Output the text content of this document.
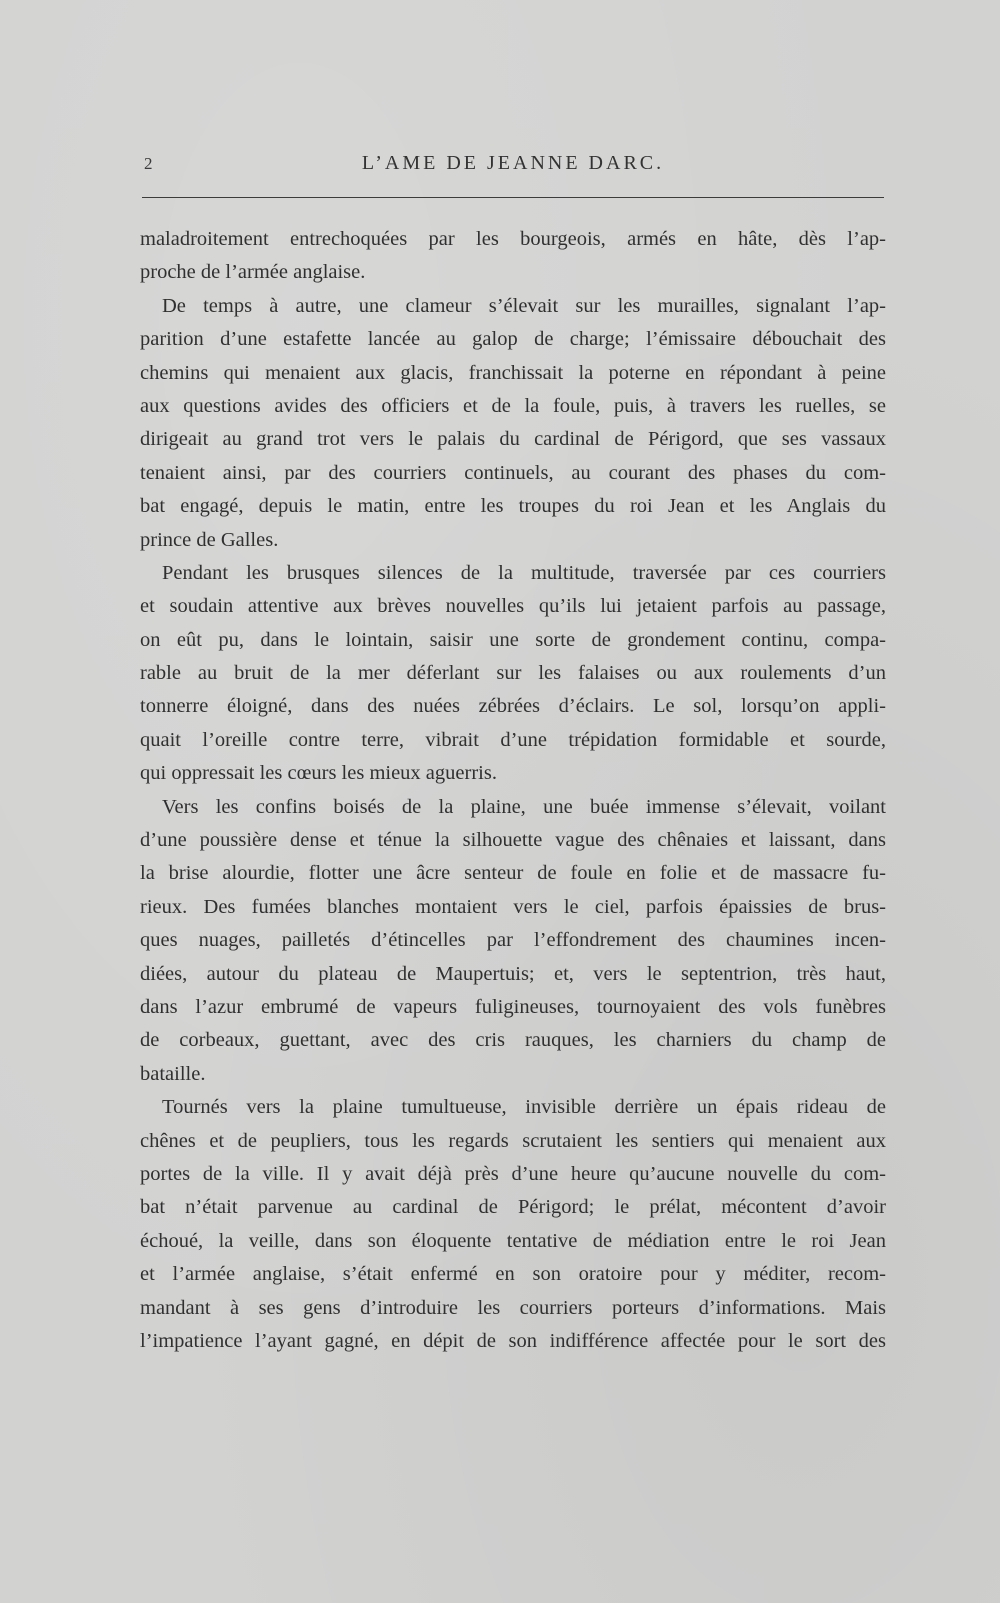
2	L’AME DE JEANNE DARC.
maladroitement entrechoquées par les bourgeois, armés en hâte, dès l’ap-
proche de l’armée anglaise.
De temps à autre, une clameur s’élevait sur les murailles, signalant l’ap-
parition d’une estafette lancée au galop de charge; l’émissaire débouchait des
chemins qui menaient aux glacis, franchissait la poterne en répondant à peine
aux questions avides des officiers et de la foule, puis, à travers les ruelles, se
dirigeait au grand trot vers le palais du cardinal de Périgord, que ses vassaux
tenaient ainsi, par des courriers continuels, au courant des phases du com-
bat engagé, depuis le matin, entre les troupes du roi Jean et les Anglais du
prince de Galles.
Pendant les brusques silences de la multitude, traversée par ces courriers
et soudain attentive aux brèves nouvelles qu’ils lui jetaient parfois au passage,
on eût pu, dans le lointain, saisir une sorte de grondement continu, compa-
rable au bruit de la mer déferlant sur les falaises ou aux roulements d’un
tonnerre éloigné, dans des nuées zébrées d’éclairs. Le sol, lorsqu’on appli-
quait l’oreille contre terre, vibrait d’une trépidation formidable et sourde,
qui oppressait les cœurs les mieux aguerris.
Vers les confins boisés de la plaine, une buée immense s’élevait, voilant
d’une poussière dense et ténue la silhouette vague des chênaies et laissant, dans
la brise alourdie, flotter une âcre senteur de foule en folie et de massacre fu-
rieux. Des fumées blanches montaient vers le ciel, parfois épaissies de brus-
ques nuages, pailletés d’étincelles par l’effondrement des chaumines incen-
diées, autour du plateau de Maupertuis; et, vers le septentrion, très haut,
dans l’azur embrumé de vapeurs fuligineuses, tournoyaient des vols funèbres
de corbeaux, guettant, avec des cris rauques, les charniers du champ de
bataille.
Tournés vers la plaine tumultueuse, invisible derrière un épais rideau de
chênes et de peupliers, tous les regards scrutaient les sentiers qui menaient aux
portes de la ville. Il y avait déjà près d’une heure qu’aucune nouvelle du com-
bat n’était parvenue au cardinal de Périgord; le prélat, mécontent d’avoir
échoué, la veille, dans son éloquente tentative de médiation entre le roi Jean
et l’armée anglaise, s’était enfermé en son oratoire pour y méditer, recom-
mandant à ses gens d’introduire les courriers porteurs d’informations. Mais
l’impatience l’ayant gagné, en dépit de son indifférence affectée pour le sort des
